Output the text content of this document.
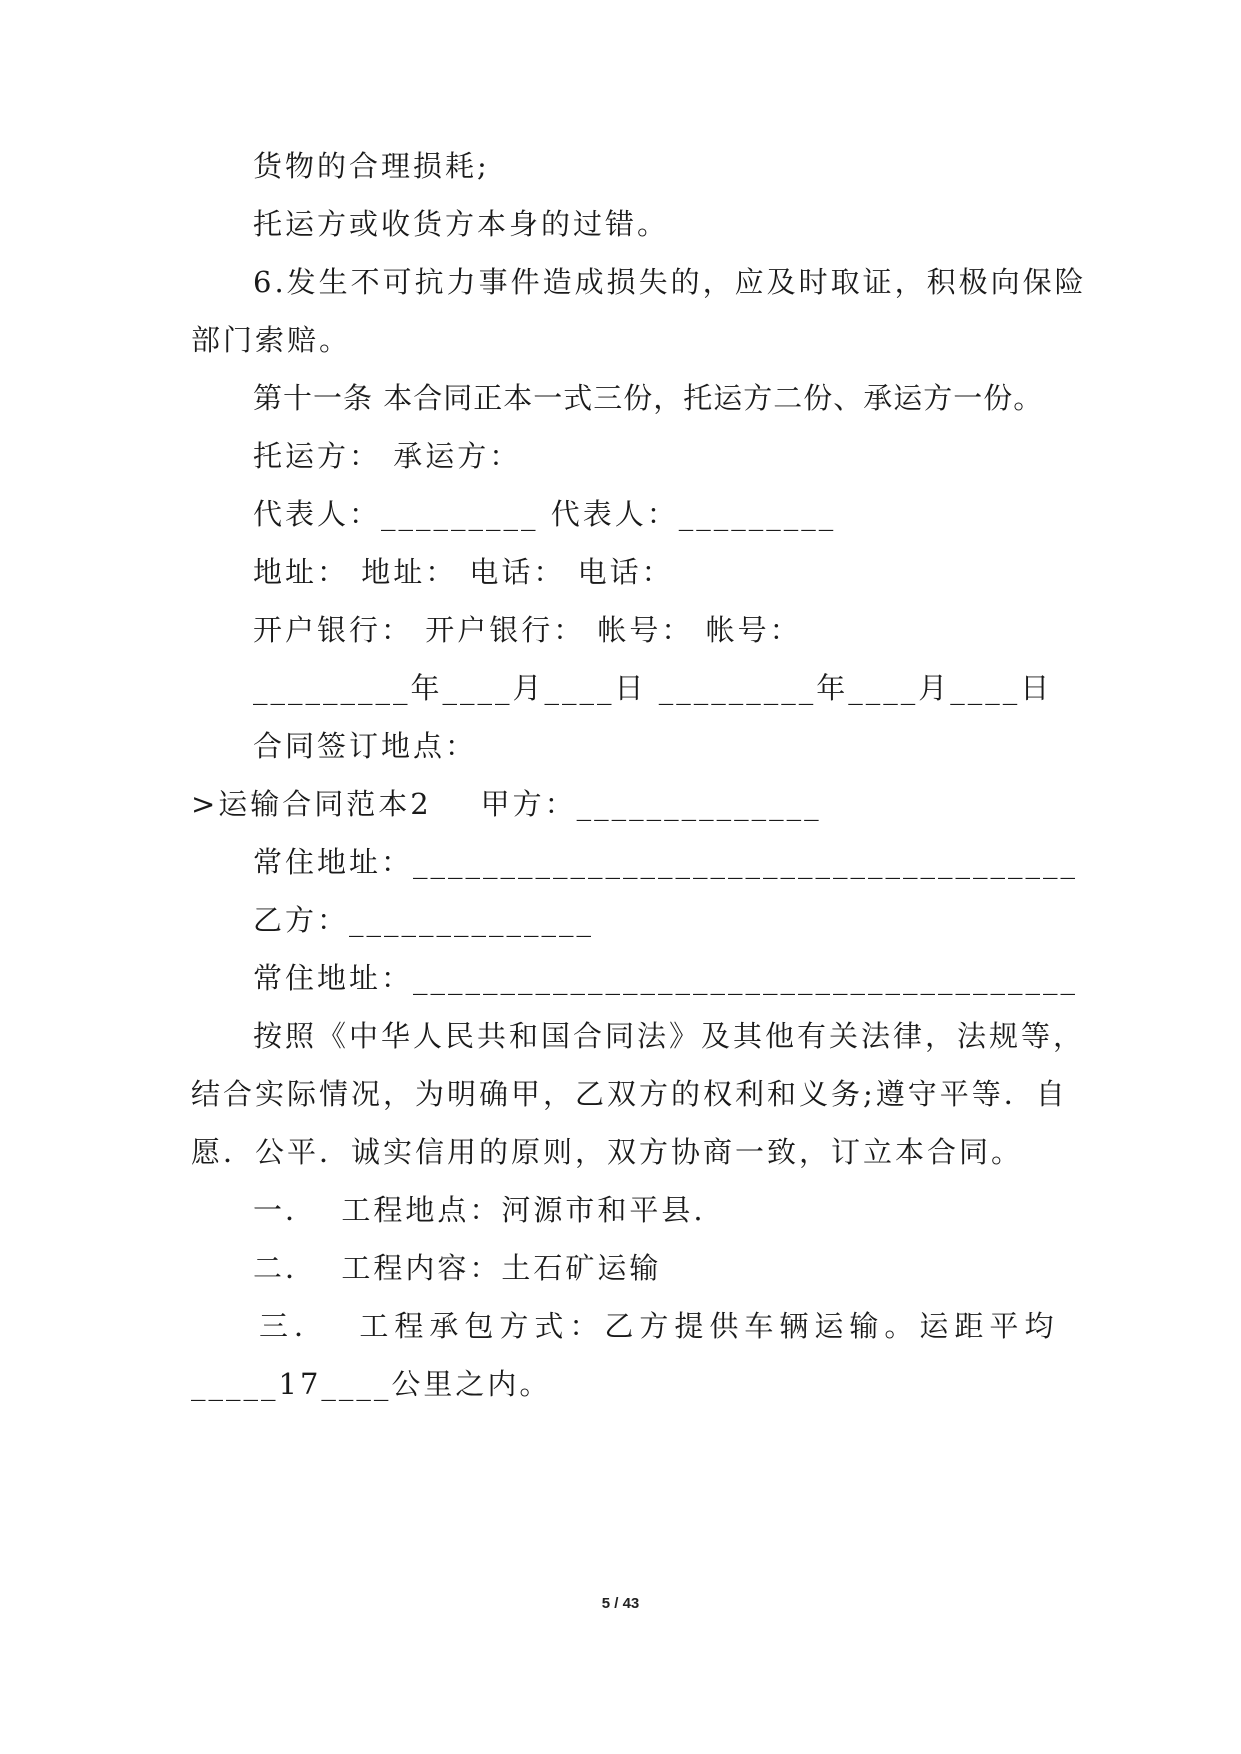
货物的合理损耗;
托运方或收货方本身的过错。
6.发生不可抗力事件造成损失的，应及时取证，积极向保险
部门索赔。
第十一条 本合同正本一式三份，托运方二份、承运方一份。
托运方： 承运方：
代表人：_________ 代表人：_________
地址： 地址： 电话： 电话：
开户银行： 开户银行： 帐号： 帐号：
_________年____月____日 _________年____月____日
合同签订地点：
>运输合同范本2    甲方：______________
常住地址：______________________________________
乙方：______________
常住地址：______________________________________
按照《中华人民共和国合同法》及其他有关法律，法规等，
结合实际情况，为明确甲，乙双方的权利和义务;遵守平等．自
愿．公平．诚实信用的原则，双方协商一致，订立本合同。
一．  工程地点：河源市和平县.
二．  工程内容：土石矿运输
三．  工程承包方式：乙方提供车辆运输。运距平均
_____17____公里之内。
5 / 43
